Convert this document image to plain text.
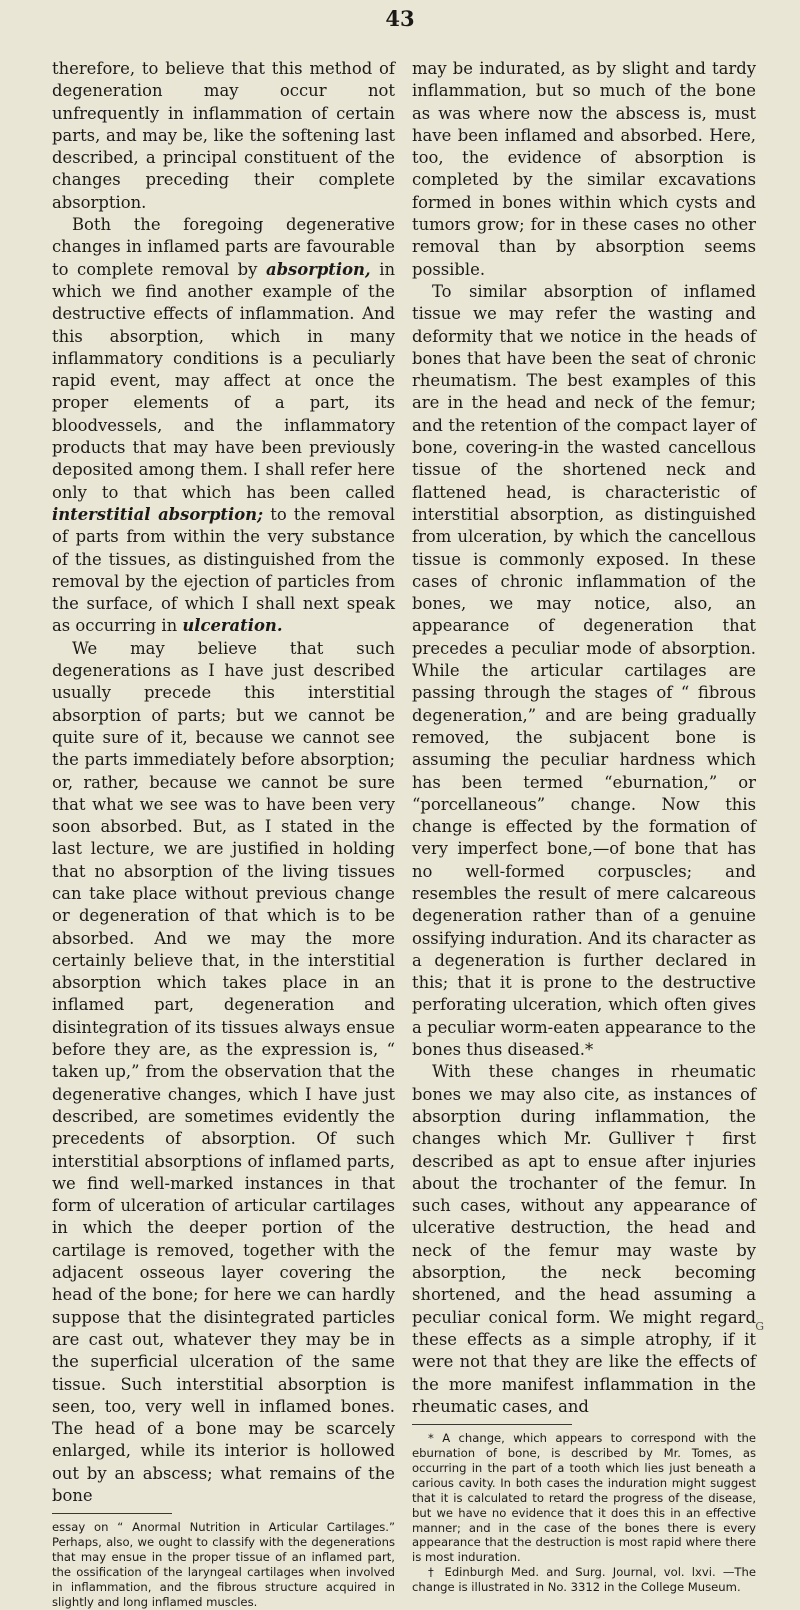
43

therefore, to believe that this method of degeneration may occur not unfrequently in inflammation of certain parts, and may be, like the softening last described, a principal constituent of the changes preceding their complete absorption.

Both the foregoing degenerative changes in inflamed parts are favourable to complete removal by absorption, in which we find another example of the destructive effects of inflammation. And this absorption, which in many inflammatory conditions is a peculiarly rapid event, may affect at once the proper elements of a part, its bloodvessels, and the inflammatory products that may have been previously deposited among them. I shall refer here only to that which has been called interstitial absorption; to the removal of parts from within the very substance of the tissues, as distinguished from the removal by the ejection of particles from the surface, of which I shall next speak as occurring in ulceration.

We may believe that such degenerations as I have just described usually precede this interstitial absorption of parts; but we cannot be quite sure of it, because we cannot see the parts immediately before absorption; or, rather, because we cannot be sure that what we see was to have been very soon absorbed. But, as I stated in the last lecture, we are justified in holding that no absorption of the living tissues can take place without previous change or degeneration of that which is to be absorbed. And we may the more certainly believe that, in the interstitial absorption which takes place in an inflamed part, degeneration and disintegration of its tissues always ensue before they are, as the expression is, “ taken up,” from the observation that the degenerative changes, which I have just described, are sometimes evidently the precedents of absorption. Of such interstitial absorptions of inflamed parts, we find well-marked instances in that form of ulceration of articular cartilages in which the deeper portion of the cartilage is removed, together with the adjacent osseous layer covering the head of the bone; for here we can hardly suppose that the disintegrated particles are cast out, whatever they may be in the superficial ulceration of the same tissue. Such interstitial absorption is seen, too, very well in inflamed bones. The head of a bone may be scarcely enlarged, while its interior is hollowed out by an abscess; what remains of the bone

essay on “ Anormal Nutrition in Articular Cartilages.” Perhaps, also, we ought to classify with the degenerations that may ensue in the proper tissue of an inflamed part, the ossification of the laryngeal cartilages when involved in inflammation, and the fibrous structure acquired in slightly and long inflamed muscles.

may be indurated, as by slight and tardy inflammation, but so much of the bone as was where now the abscess is, must have been inflamed and absorbed. Here, too, the evidence of absorption is completed by the similar excavations formed in bones within which cysts and tumors grow; for in these cases no other removal than by absorption seems possible.

To similar absorption of inflamed tissue we may refer the wasting and deformity that we notice in the heads of bones that have been the seat of chronic rheumatism. The best examples of this are in the head and neck of the femur; and the retention of the compact layer of bone, covering-in the wasted cancellous tissue of the shortened neck and flattened head, is characteristic of interstitial absorption, as distinguished from ulceration, by which the cancellous tissue is commonly exposed. In these cases of chronic inflammation of the bones, we may notice, also, an appearance of degeneration that precedes a peculiar mode of absorption. While the articular cartilages are passing through the stages of “ fibrous degeneration,” and are being gradually removed, the subjacent bone is assuming the peculiar hardness which has been termed “eburnation,” or “porcellaneous” change. Now this change is effected by the formation of very imperfect bone,—of bone that has no well-formed corpuscles; and resembles the result of mere calcareous degeneration rather than of a genuine ossifying induration. And its character as a degeneration is further declared in this; that it is prone to the destructive perforating ulceration, which often gives a peculiar worm-eaten appearance to the bones thus diseased.*

With these changes in rheumatic bones we may also cite, as instances of absorption during inflammation, the changes which Mr. Gulliver† first described as apt to ensue after injuries about the trochanter of the femur. In such cases, without any appearance of ulcerative destruction, the head and neck of the femur may waste by absorption, the neck becoming shortened, and the head assuming a peculiar conical form. We might regard these effects as a simple atrophy, if it were not that they are like the effects of the more manifest inflammation in the rheumatic cases, and

* A change, which appears to correspond with the eburnation of bone, is described by Mr. Tomes, as occurring in the part of a tooth which lies just beneath a carious cavity. In both cases the induration might suggest that it is calculated to retard the progress of the disease, but we have no evidence that it does this in an effective manner; and in the case of the bones there is every appearance that the destruction is most rapid where there is most induration.

† Edinburgh Med. and Surg. Journal, vol. lxvi. —The change is illustrated in No. 3312 in the College Museum.

G
